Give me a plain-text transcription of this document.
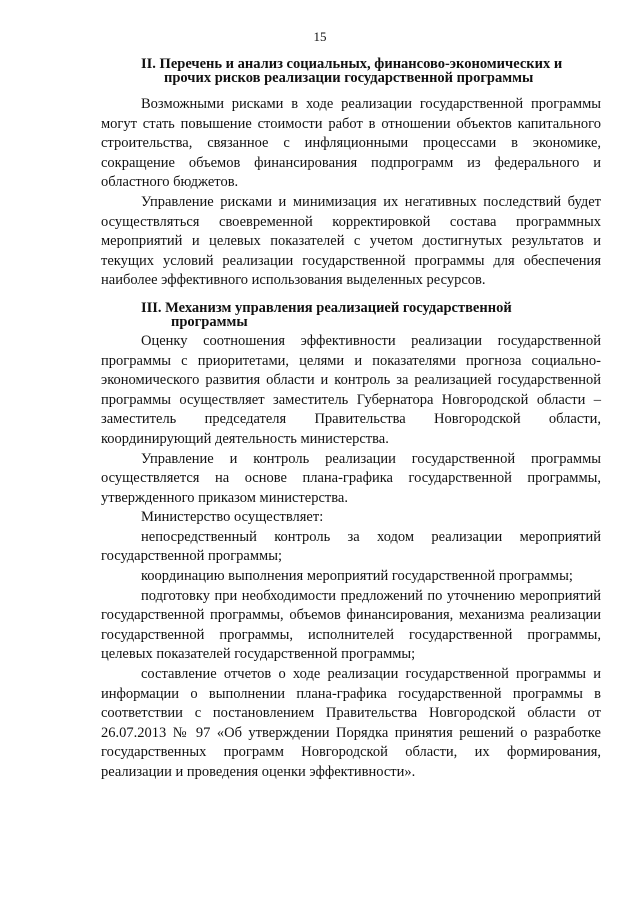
15
II. Перечень и анализ социальных, финансово-экономических и
прочих рисков реализации государственной программы

Возможными рисками в ходе реализации государственной программы могут стать повышение стоимости работ в отношении объектов капитального строительства, связанное с инфляционными процессами в экономике, сокращение объемов финансирования подпрограмм из федерального и областного бюджетов.

Управление рисками и минимизация их негативных последствий будет осуществляться своевременной корректировкой состава программных мероприятий и целевых показателей с учетом достигнутых результатов и текущих условий реализации государственной программы для обеспечения наиболее эффективного использования выделенных ресурсов.

III. Механизм управления реализацией государственной
программы

Оценку соотношения эффективности реализации государственной программы с приоритетами, целями и показателями прогноза социально-экономического развития области и контроль за реализацией государственной программы осуществляет заместитель Губернатора Новгородской области – заместитель председателя Правительства Новгородской области, координирующий деятельность министерства.

Управление и контроль реализации государственной программы осуществляется на основе плана-графика государственной программы, утвержденного приказом министерства.

Министерство осуществляет:

непосредственный контроль за ходом реализации мероприятий государственной программы;

координацию выполнения мероприятий государственной программы;

подготовку при необходимости предложений по уточнению мероприятий государственной программы, объемов финансирования, механизма реализации государственной программы, исполнителей государственной программы, целевых показателей государственной программы;

составление отчетов о ходе реализации государственной программы и информации о выполнении плана-графика государственной программы в соответствии с постановлением Правительства Новгородской области от 26.07.2013 № 97 «Об утверждении Порядка принятия решений о разработке государственных программ Новгородской области, их формирования, реализации и проведения оценки эффективности».
